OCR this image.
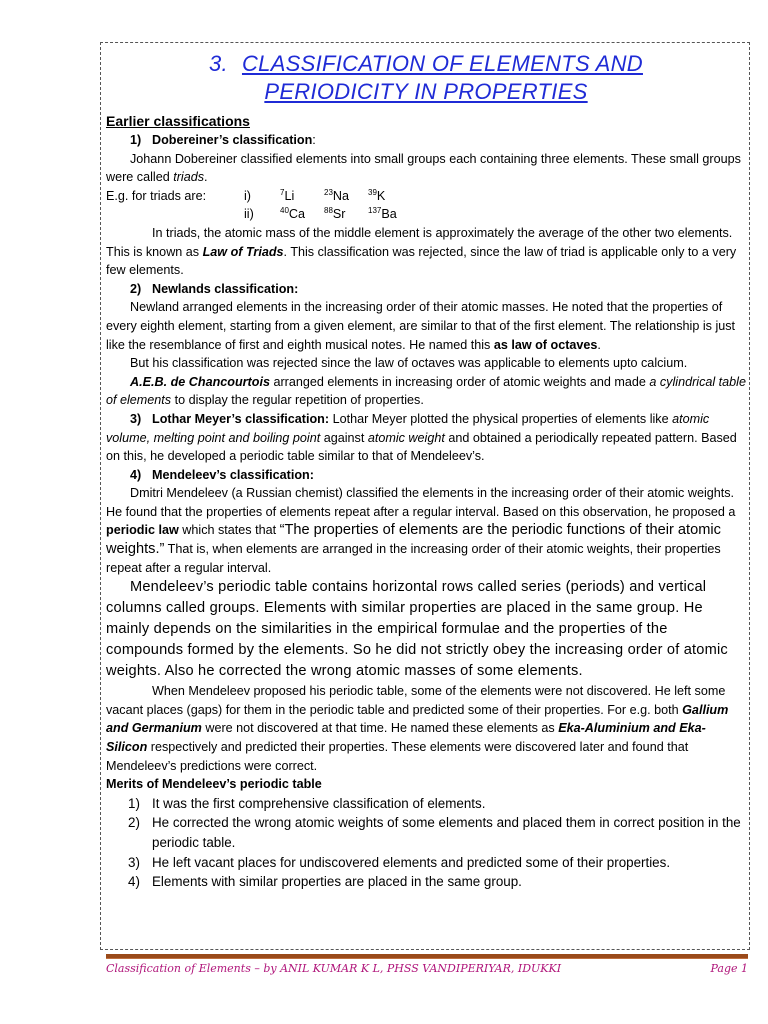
3. CLASSIFICATION OF ELEMENTS AND
PERIODICITY IN PROPERTIES

Earlier classifications

1) Dobereiner’s classification:

Johann Dobereiner classified elements into small groups each containing three elements. These small groups were called triads.

E.g. for triads are:	i)	$^7$Li	$^{23}$Na	$^{39}$K
ii)	$^{40}$Ca	$^{88}$Sr	$^{137}$Ba

In triads, the atomic mass of the middle element is approximately the average of the other two elements. This is known as Law of Triads. This classification was rejected, since the law of triad is applicable only to a very few elements.

2) Newlands classification:

Newland arranged elements in the increasing order of their atomic masses. He noted that the properties of every eighth element, starting from a given element, are similar to that of the first element. The relationship is just like the resemblance of first and eighth musical notes. He named this as law of octaves.

But his classification was rejected since the law of octaves was applicable to elements upto calcium.

A.E.B. de Chancourtois arranged elements in increasing order of atomic weights and made a cylindrical table of elements to display the regular repetition of properties.

3) Lothar Meyer’s classification:

Lothar Meyer plotted the physical properties of elements like atomic volume, melting point and boiling point against atomic weight and obtained a periodically repeated pattern. Based on this, he developed a periodic table similar to that of Mendeleev’s.

4) Mendeleev’s classification:

Dmitri Mendeleev (a Russian chemist) classified the elements in the increasing order of their atomic weights. He found that the properties of elements repeat after a regular interval. Based on this observation, he proposed a periodic law which states that “The properties of elements are the periodic functions of their atomic weights.” That is, when elements are arranged in the increasing order of their atomic weights, their properties repeat after a regular interval.

Mendeleev’s periodic table contains horizontal rows called series (periods) and vertical columns called groups. Elements with similar properties are placed in the same group. He mainly depends on the similarities in the empirical formulae and the properties of the compounds formed by the elements. So he did not strictly obey the increasing order of atomic weights. Also he corrected the wrong atomic masses of some elements.

When Mendeleev proposed his periodic table, some of the elements were not discovered. He left some vacant places (gaps) for them in the periodic table and predicted some of their properties. For e.g. both Gallium and Germanium were not discovered at that time. He named these elements as Eka-Aluminium and Eka-Silicon respectively and predicted their properties. These elements were discovered later and found that Mendeleev’s predictions were correct.

Merits of Mendeleev’s periodic table

1) It was the first comprehensive classification of elements.
2) He corrected the wrong atomic weights of some elements and placed them in correct position in the periodic table.
3) He left vacant places for undiscovered elements and predicted some of their properties.
4) Elements with similar properties are placed in the same group.
Classification of Elements – by ANIL KUMAR K L, PHSS VANDIPERIYAR, IDUKKI	Page 1
